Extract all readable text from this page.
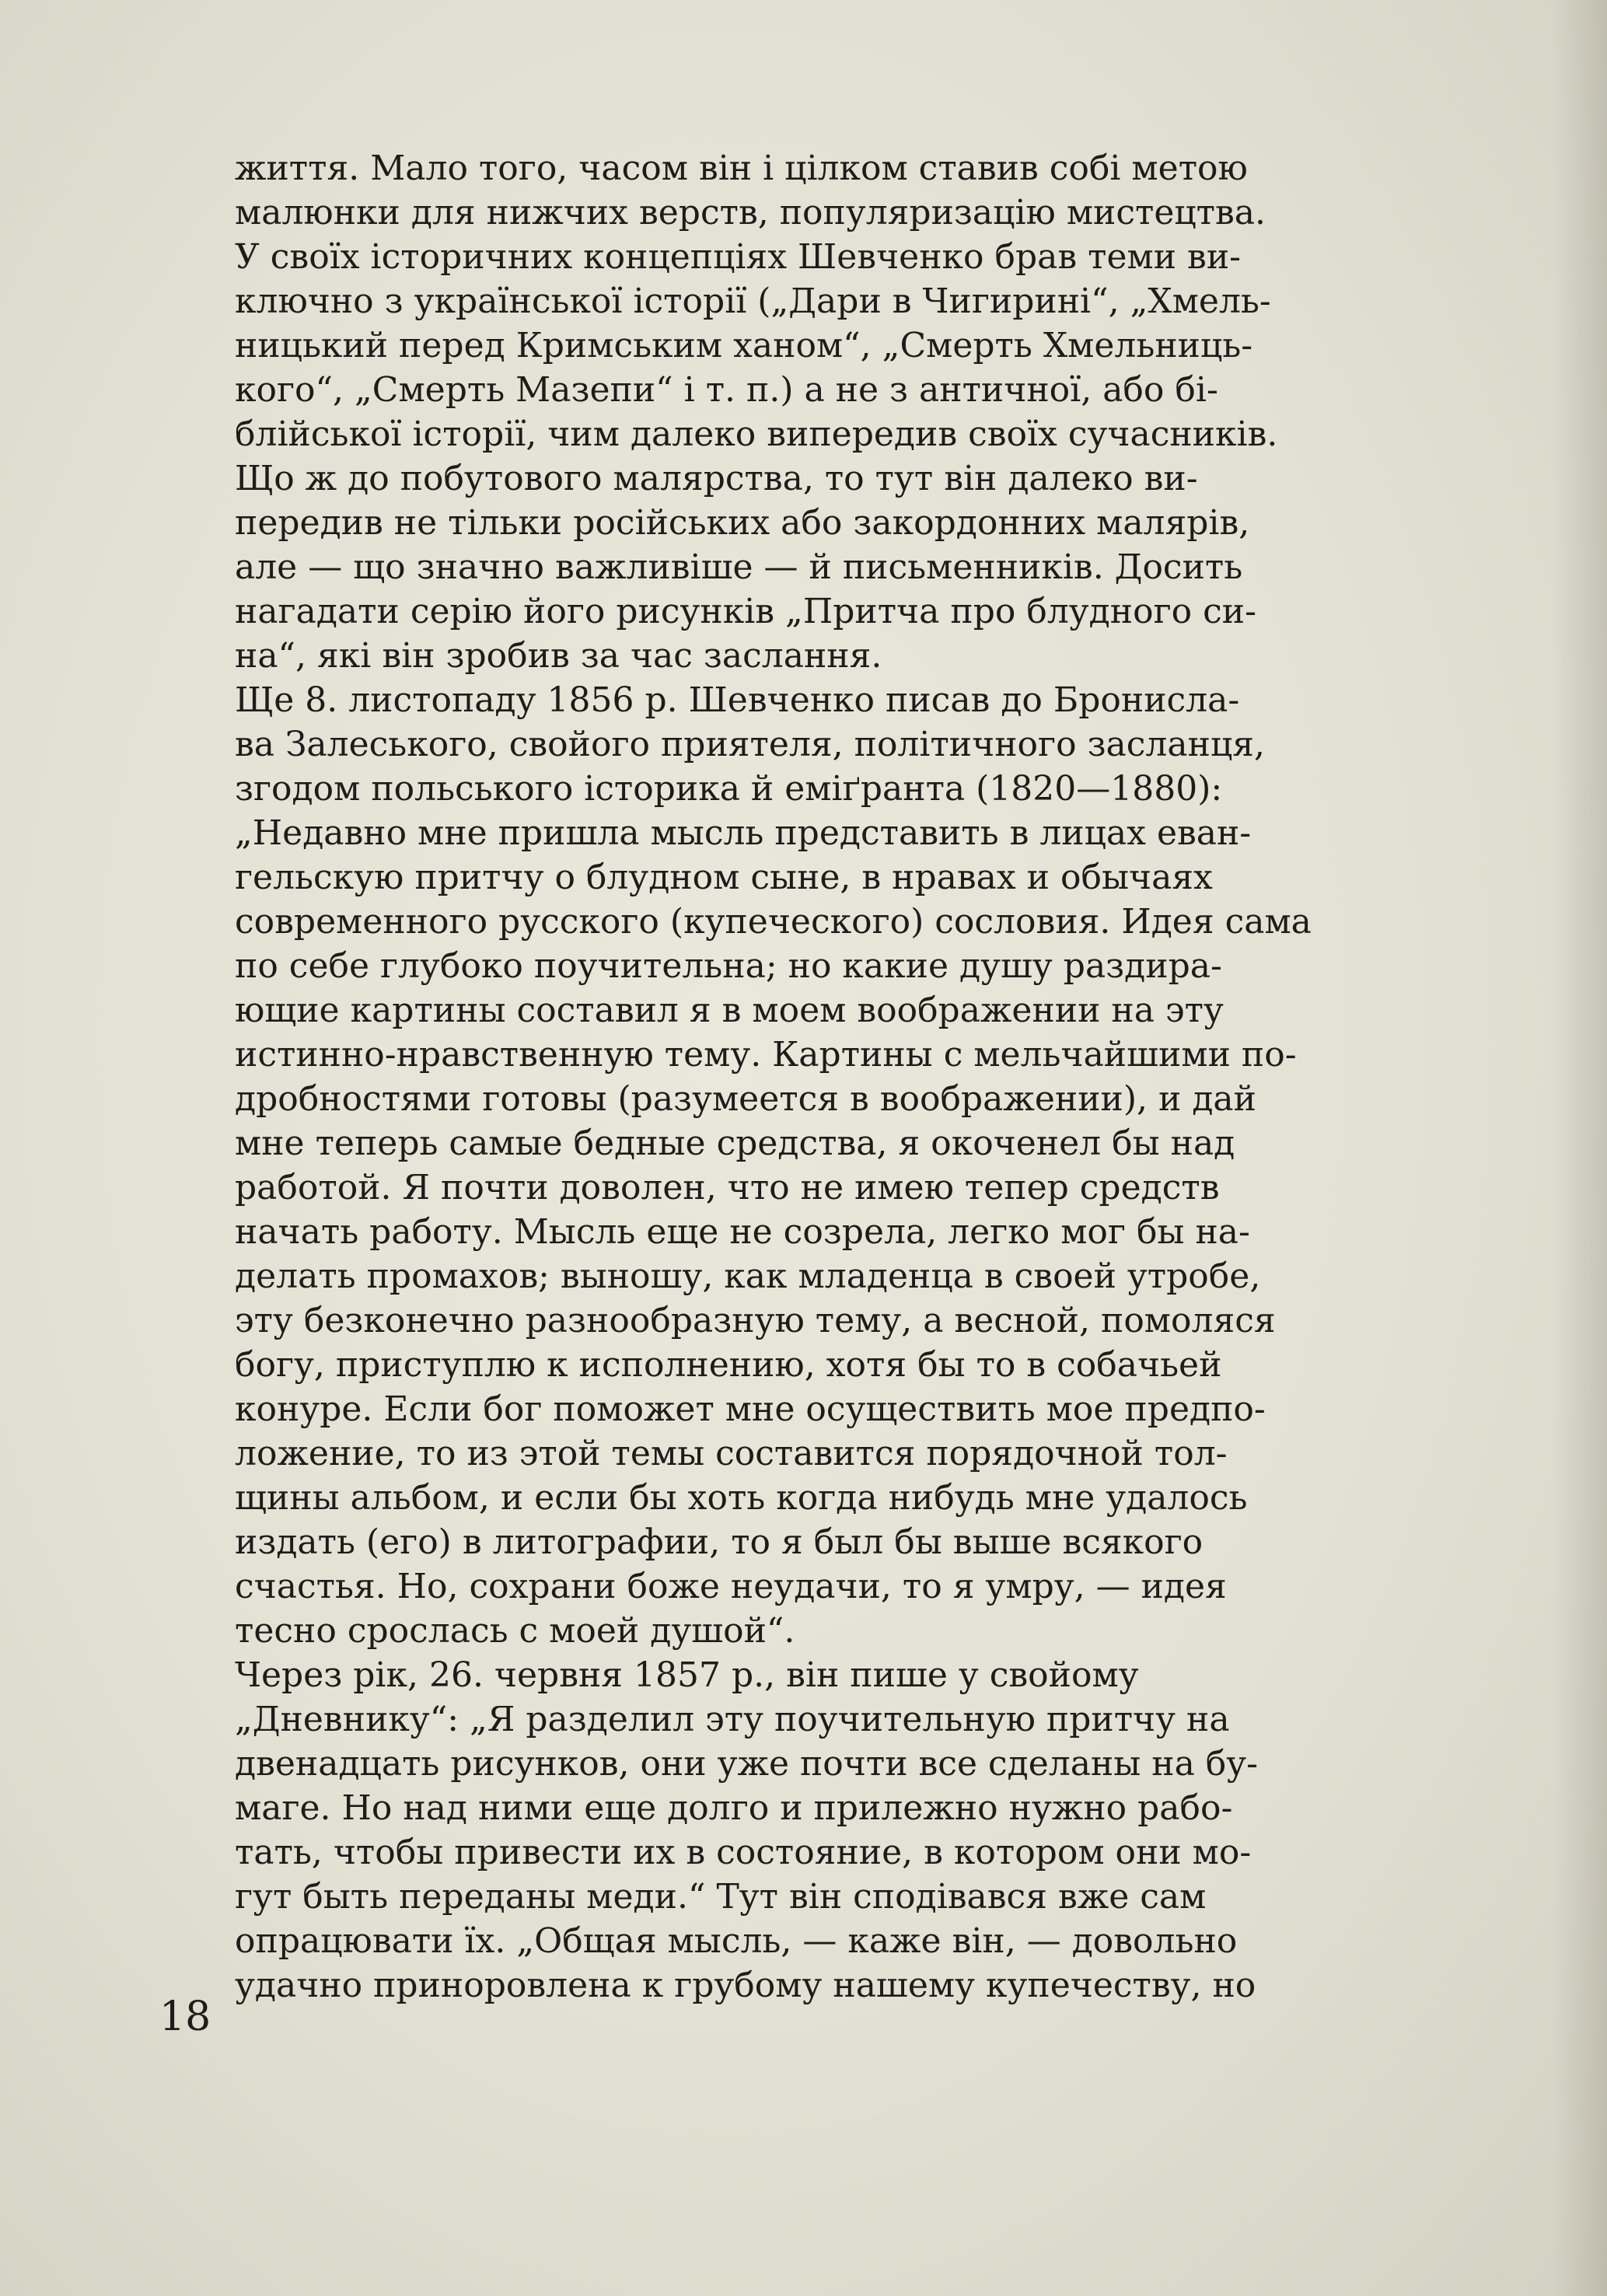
життя. Мало того, часом він і цілком ставив собі метою
малюнки для нижчих верств, популяризацію мистецтва.
У своїх історичних концепціях Шевченко брав теми ви-
ключно з української історії („Дари в Чигирині“, „Хмель-
ницький перед Кримським ханом“, „Смерть Хмельниць-
кого“, „Смерть Мазепи“ і т. п.) а не з античної, або бі-
блійської історії, чим далеко випередив своїх сучасників.
Що ж до побутового малярства, то тут він далеко ви-
передив не тільки російських або закордонних малярів,
але — що значно важливіше — й письменників. Досить
нагадати серію його рисунків „Притча про блудного си-
на“, які він зробив за час заслання.
Ще 8. листопаду 1856 р. Шевченко писав до Бронисла-
ва Залеського, свойого приятеля, політичного засланця,
згодом польського історика й еміґранта (1820—1880):
„Недавно мне пришла мысль представить в лицах еван-
гельскую притчу о блудном сыне, в нравах и обычаях
современного русского (купеческого) сословия. Идея сама
по себе глубоко поучительна; но какие душу раздира-
ющие картины составил я в моем воображении на эту
истинно-нравственную тему. Картины с мельчайшими по-
дробностями готовы (разумеется в воображении), и дай
мне теперь самые бедные средства, я окоченел бы над
работой. Я почти доволен, что не имею тепер средств
начать работу. Мысль еще не созрела, легко мог бы на-
делать промахов; выношу, как младенца в своей утробе,
эту безконечно разнообразную тему, а весной, помоляся
богу, приступлю к исполнению, хотя бы то в собачьей
конуре. Если бог поможет мне осуществить мое предпо-
ложение, то из этой темы составится порядочной тол-
щины альбом, и если бы хоть когда нибудь мне удалось
издать (его) в литографии, то я был бы выше всякого
счастья. Но, сохрани боже неудачи, то я умру, — идея
тесно срослась с моей душой“.
Через рік, 26. червня 1857 р., він пише у свойому
„Дневнику“: „Я разделил эту поучительную притчу на
двенадцать рисунков, они уже почти все сделаны на бу-
маге. Но над ними еще долго и прилежно нужно рабо-
тать, чтобы привести их в состояние, в котором они мо-
гут быть переданы меди.“ Тут він сподівався вже сам
опрацювати їх. „Общая мысль, — каже він, — довольно
удачно приноровлена к грубому нашему купечеству, но
18
